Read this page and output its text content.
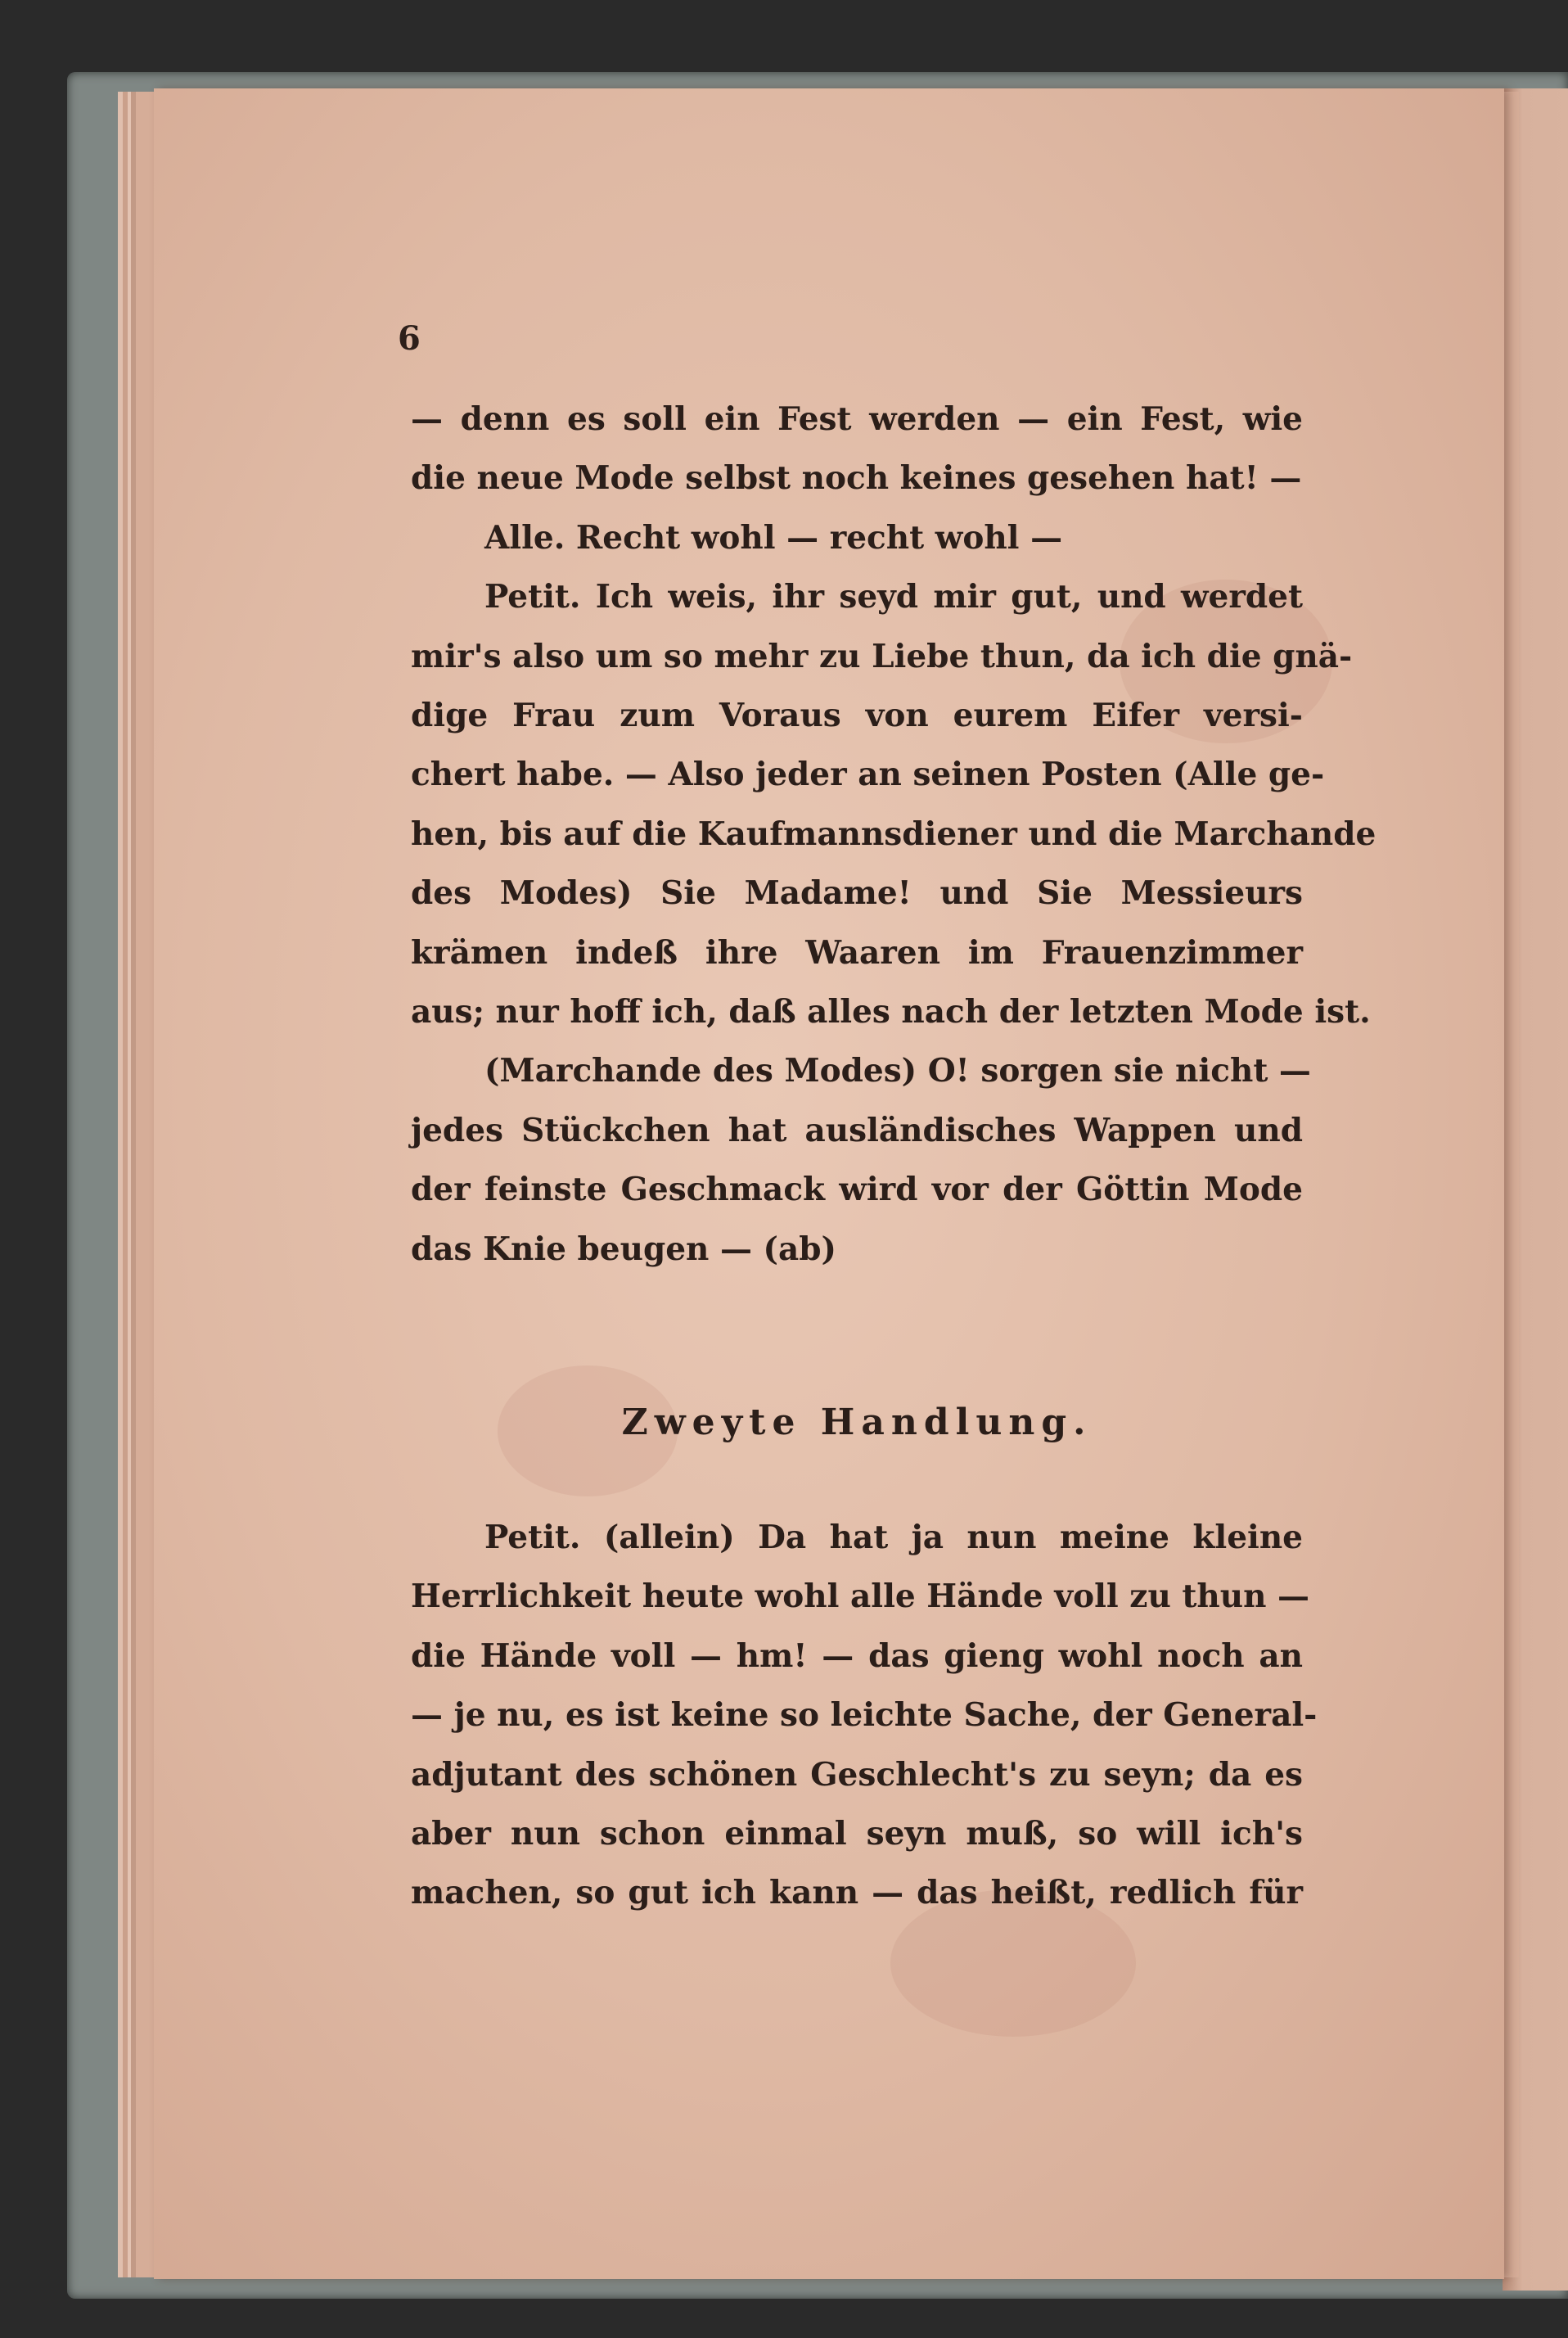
6
— denn es soll ein Fest werden — ein Fest, wie
die neue Mode selbst noch keines gesehen hat! —
Alle. Recht wohl — recht wohl —
Petit. Ich weis, ihr seyd mir gut, und werdet
mir's also um so mehr zu Liebe thun, da ich die gnä-
dige Frau zum Voraus von eurem Eifer versi-
chert habe. — Also jeder an seinen Posten (Alle ge-
hen, bis auf die Kaufmannsdiener und die Marchande
des Modes) Sie Madame! und Sie Messieurs
krämen indeß ihre Waaren im Frauenzimmer
aus; nur hoff ich, daß alles nach der letzten Mode ist.
(Marchande des Modes) O! sorgen sie nicht —
jedes Stückchen hat ausländisches Wappen und
der feinste Geschmack wird vor der Göttin Mode
das Knie beugen — (ab)
Zweyte Handlung.
Petit. (allein) Da hat ja nun meine kleine
Herrlichkeit heute wohl alle Hände voll zu thun —
die Hände voll — hm! — das gieng wohl noch an
— je nu, es ist keine so leichte Sache, der General-
adjutant des schönen Geschlecht's zu seyn; da es
aber nun schon einmal seyn muß, so will ich's
machen, so gut ich kann — das heißt, redlich für
